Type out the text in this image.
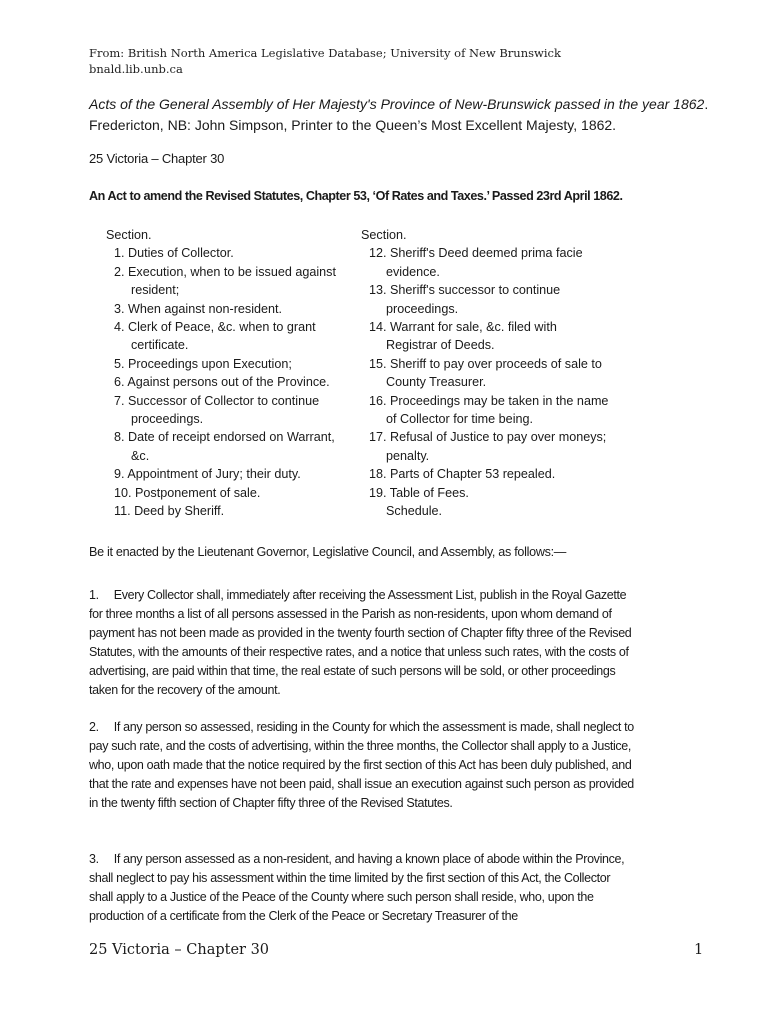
From: British North America Legislative Database; University of New Brunswick
bnald.lib.unb.ca
Acts of the General Assembly of Her Majesty's Province of New-Brunswick passed in the year 1862. Fredericton, NB: John Simpson, Printer to the Queen’s Most Excellent Majesty, 1862.
25 Victoria – Chapter 30
An Act to amend the Revised Statutes, Chapter 53, ‘Of Rates and Taxes.’ Passed 23rd April 1862.
Section.
1. Duties of Collector.
2. Execution, when to be issued against
resident;
3. When against non-resident.
4. Clerk of Peace, &c. when to grant
certificate.
5. Proceedings upon Execution;
6. Against persons out of the Province.
7. Successor of Collector to continue
proceedings.
8. Date of receipt endorsed on Warrant,
&c.
9. Appointment of Jury; their duty.
10. Postponement of sale.
11. Deed by Sheriff.
Section.
12. Sheriff's Deed deemed prima facie
evidence.
13. Sheriff's successor to continue
proceedings.
14. Warrant for sale, &c. filed with
Registrar of Deeds.
15. Sheriff to pay over proceeds of sale to
County Treasurer.
16. Proceedings may be taken in the name
of Collector for time being.
17. Refusal of Justice to pay over moneys;
penalty.
18. Parts of Chapter 53 repealed.
19. Table of Fees.
Schedule.
Be it enacted by the Lieutenant Governor, Legislative Council, and Assembly, as follows:—
1. Every Collector shall, immediately after receiving the Assessment List, publish in the Royal Gazette for three months a list of all persons assessed in the Parish as non-residents, upon whom demand of payment has not been made as provided in the twenty fourth section of Chapter fifty three of the Revised Statutes, with the amounts of their respective rates, and a notice that unless such rates, with the costs of advertising, are paid within that time, the real estate of such persons will be sold, or other proceedings taken for the recovery of the amount.
2. If any person so assessed, residing in the County for which the assessment is made, shall neglect to pay such rate, and the costs of advertising, within the three months, the Collector shall apply to a Justice, who, upon oath made that the notice required by the first section of this Act has been duly published, and that the rate and expenses have not been paid, shall issue an execution against such person as provided in the twenty fifth section of Chapter fifty three of the Revised Statutes.
3. If any person assessed as a non-resident, and having a known place of abode within the Province, shall neglect to pay his assessment within the time limited by the first section of this Act, the Collector shall apply to a Justice of the Peace of the County where such person shall reside, who, upon the production of a certificate from the Clerk of the Peace or Secretary Treasurer of the
25 Victoria – Chapter 30	1
